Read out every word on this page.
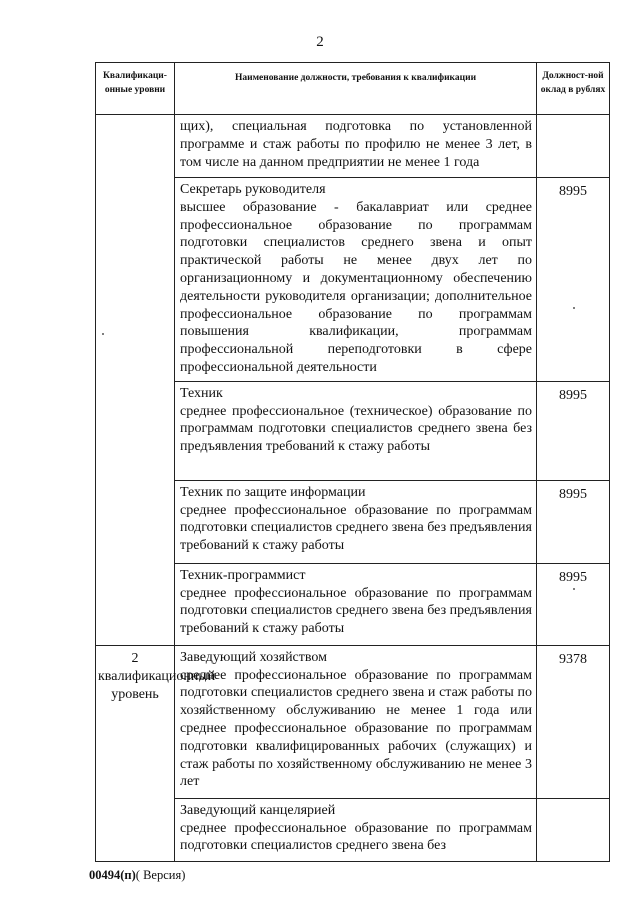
2
Квалификаци-онные уровни	Наименование должности, требования к квалификации	Должност-ной оклад в рублях

	щих), специальная подготовка по установленной программе и стаж работы по профилю не менее 3 лет, в том числе на данном предприятии не менее 1 года	

	Секретарь руководителя
высшее образование - бакалавриат или среднее профессиональное образование по программам подготовки специалистов среднего звена и опыт практической работы не менее двух лет по организационному и документационному обеспечению деятельности руководителя организации; дополнительное профессиональное образование по программам повышения квалификации, программам профессиональной переподготовки в сфере профессиональной деятельности	8995

	Техник
среднее профессиональное (техническое) образование по программам подготовки специалистов среднего звена без предъявления требований к стажу работы	8995

	Техник по защите информации
среднее профессиональное образование по программам подготовки специалистов среднего звена без предъявления требований к стажу работы	8995

	Техник-программист
среднее профессиональное образование по программам подготовки специалистов среднего звена без предъявления требований к стажу работы	8995
2 квалификационный уровень	Заведующий хозяйством
среднее профессиональное образование по программам подготовки специалистов среднего звена и стаж работы по хозяйственному обслуживанию не менее 1 года или среднее профессиональное образование по программам подготовки квалифицированных рабочих (служащих) и стаж работы по хозяйственному обслуживанию не менее 3 лет	9378

	Заведующий канцелярией
среднее профессиональное образование по программам подготовки специалистов среднего звена без	

00494(п)( Версия)
